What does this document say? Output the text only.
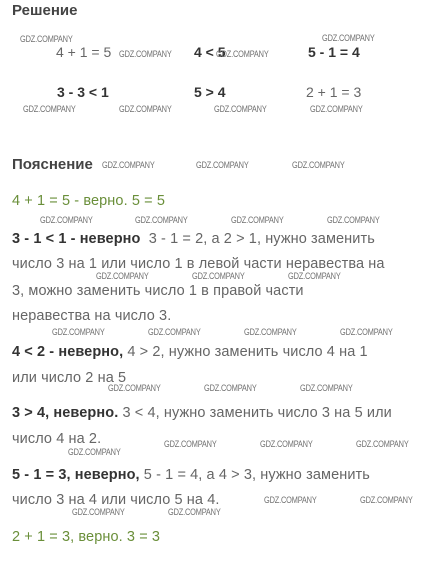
Решение
4 + 1 = 5	4 < 5	5 - 1 = 4
3 - 3 < 1	5 > 4	2 + 1 = 3
Пояснение
4 + 1 = 5 - верно. 5 = 5
3 - 1 < 1 - неверно  3 - 1 = 2, а 2 > 1, нужно заменить
число 3 на 1 или число 1 в левой части неравества на
3, можно заменить число 1 в правой части
неравества на число 3.
4 < 2 - неверно, 4 > 2, нужно заменить число 4 на 1
или число 2 на 5
3 > 4, неверно. 3 < 4, нужно заменить число 3 на 5 или
число 4 на 2.
5 - 1 = 3, неверно, 5 - 1 = 4, а 4 > 3, нужно заменить
число 3 на 4 или число 5 на 4.
2 + 1 = 3, верно. 3 = 3
GDZ.COMPANY	GDZ.COMPANY
GDZ.COMPANY	GDZ.COMPANY
GDZ.COMPANY	GDZ.COMPANY	GDZ.COMPANY	GDZ.COMPANY
GDZ.COMPANY	GDZ.COMPANY	GDZ.COMPANY
GDZ.COMPANY	GDZ.COMPANY	GDZ.COMPANY	GDZ.COMPANY
GDZ.COMPANY	GDZ.COMPANY	GDZ.COMPANY
GDZ.COMPANY	GDZ.COMPANY	GDZ.COMPANY	GDZ.COMPANY
GDZ.COMPANY	GDZ.COMPANY	GDZ.COMPANY
GDZ.COMPANY
GDZ.COMPANY	GDZ.COMPANY	GDZ.COMPANY
GDZ.COMPANY	GDZ.COMPANY
GDZ.COMPANY	GDZ.COMPANY
